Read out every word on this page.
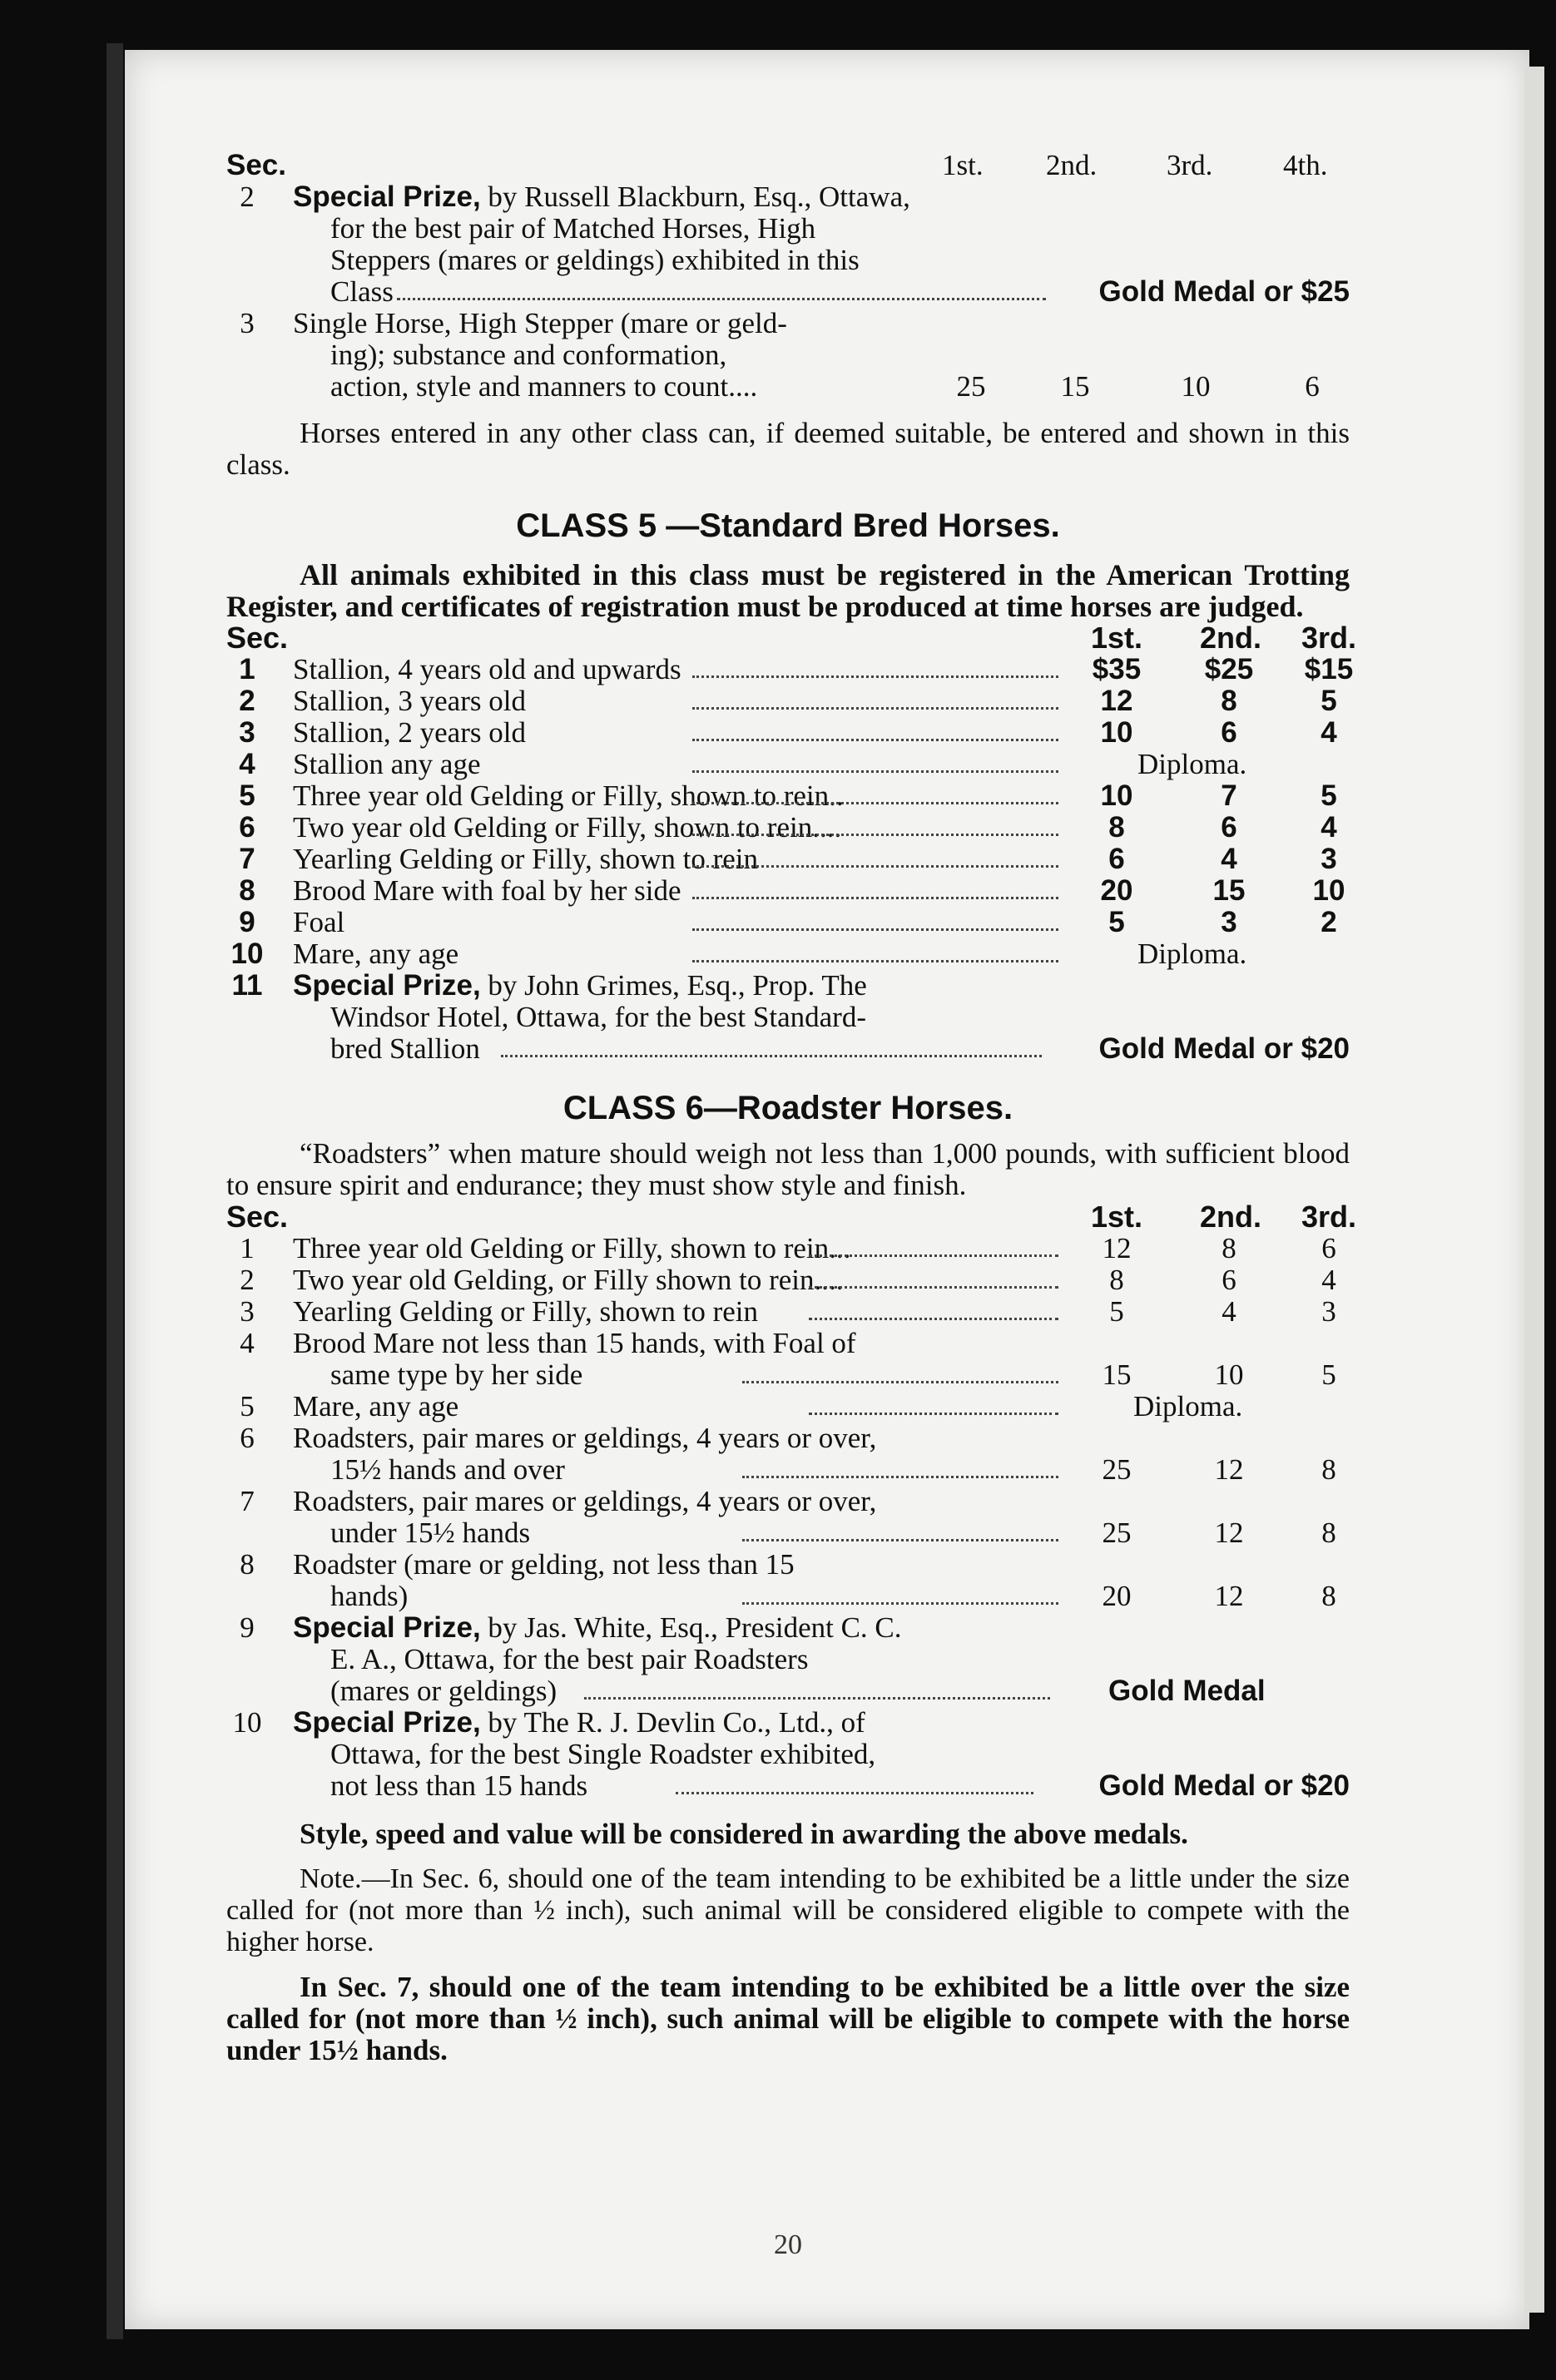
Sec.	1st. 2nd. 3rd. 4th.
2	Special Prize, by Russell Blackburn, Esq., Ottawa,
for the best pair of Matched Horses, High
Steppers (mares or geldings) exhibited in this
Class	Gold Medal or $25
3	Single Horse, High Stepper (mare or geld-
ing); substance and conformation,
action, style and manners to count....	25	15	10	6

Horses entered in any other class can, if deemed suitable, be entered and shown in this class.

CLASS 5 —Standard Bred Horses.

All animals exhibited in this class must be registered in the American Trotting Register, and certificates of registration must be produced at time horses are judged.

Sec.	1st. 2nd. 3rd.
1	Stallion, 4 years old and upwards	$35 $25 $15
2	Stallion, 3 years old	12	8	5
3	Stallion, 2 years old	10	6	4
4	Stallion any age	Diploma.
5	Three year old Gelding or Filly, shown to rein..	10	7	5
6	Two year old Gelding or Filly, shown to rein....	8	6	4
7	Yearling Gelding or Filly, shown to rein	6	4	3
8	Brood Mare with foal by her side	20	15	10
9	Foal	5	3	2
10 Mare, any age	Diploma.
11 Special Prize, by John Grimes, Esq., Prop. The
Windsor Hotel, Ottawa, for the best Standard-
bred Stallion	Gold Medal or $20
CLASS 6—Roadster Horses.

“Roadsters” when mature should weigh not less than 1,000 pounds, with sufficient blood to ensure spirit and endurance; they must show style and finish.

Sec.	1st. 2nd. 3rd.
1	Three year old Gelding or Filly, shown to rein...	12	8	6
2	Two year old Gelding, or Filly shown to rein....	8	6	4
3	Yearling Gelding or Filly, shown to rein	5	4	3
4	Brood Mare not less than 15 hands, with Foal of
same type by her side	15	10	5
5	Mare, any age	Diploma.
6	Roadsters, pair mares or geldings, 4 years or over,
15½ hands and over	25	12	8
7	Roadsters, pair mares or geldings, 4 years or over,
under 15½ hands	25	12	8
8	Roadster (mare or gelding, not less than 15
hands)	20	12	8
9	Special Prize, by Jas. White, Esq., President C. C.
E. A., Ottawa, for the best pair Roadsters
(mares or geldings)	Gold Medal
10 Special Prize, by The R. J. Devlin Co., Ltd., of
Ottawa, for the best Single Roadster exhibited,
not less than 15 hands	Gold Medal or $20

Style, speed and value will be considered in awarding the above medals.

Note.—In Sec. 6, should one of the team intending to be exhibited be a little under the size called for (not more than ½ inch), such animal will be considered eligible to compete with the higher horse.

In Sec. 7, should one of the team intending to be exhibited be a little over the size called for (not more than ½ inch), such animal will be eligible to compete with the horse under 15½ hands.

20
